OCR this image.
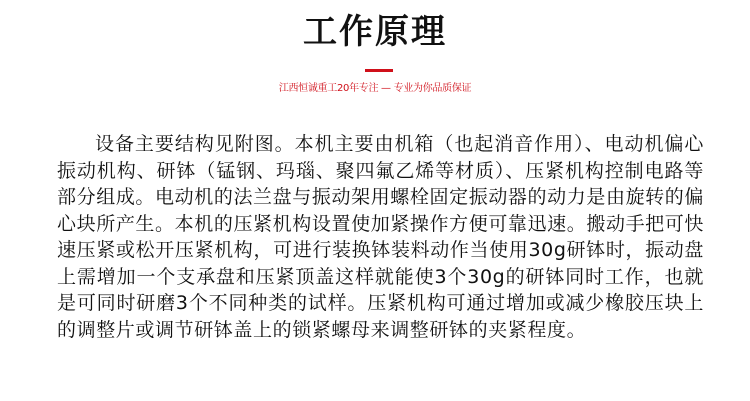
工作原理
江西恒诚重工20年专注 — 专业为你品质保证

设备主要结构见附图。本机主要由机箱（也起消音作用）、电动机偏心振动机构、研钵（锰钢、玛瑙、聚四氟乙烯等材质）、压紧机构控制电路等部分组成。电动机的法兰盘与振动架用螺栓固定振动器的动力是由旋转的偏心块所产生。本机的压紧机构设置使加紧操作方便可靠迅速。搬动手把可快速压紧或松开压紧机构，可进行装换钵装料动作当使用30g研钵时，振动盘上需增加一个支承盘和压紧顶盖这样就能使3个30g的研钵同时工作，也就是可同时研磨3个不同种类的试样。压紧机构可通过增加或减少橡胶压块上的调整片或调节研钵盖上的锁紧螺母来调整研钵的夹紧程度。
